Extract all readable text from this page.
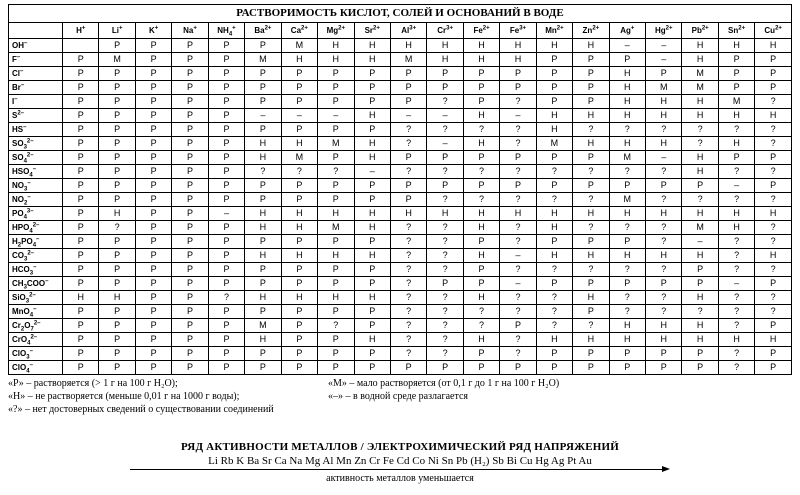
РАСТВОРИМОСТЬ КИСЛОТ, СОЛЕЙ И ОСНОВАНИЙ В ВОДЕ																				
	H+	Li+	K+	Na+	$NH_4^+$	$Ba^{2+}$	$Ca^{2+}$	$Mg^{2+}$	$Sr^{2+}$	$Al^{3+}$	$Cr^{3+}$	$Fe^{2+}$	$Fe^{3+}$	$Mn^{2+}$	$Zn^{2+}$	Ag+	$Hg^{2+}$	$Pb^{2+}$	$Sn^{2+}$	$Cu^{2+}$
OH–		Р	Р	Р	Р	Р	М	Н	Н	Н	Н	Н	Н	Н	Н	–	–	Н	Н	Н
F–	Р	М	Р	Р	Р	М	Н	Н	Н	М	Н	Н	Н	Р	Р	Р	–	Н	Р	Р
Cl–	Р	Р	Р	Р	Р	Р	Р	Р	Р	Р	Р	Р	Р	Р	Р	Н	Р	М	Р	Р
Br–	Р	Р	Р	Р	Р	Р	Р	Р	Р	Р	Р	Р	Р	Р	Р	Н	М	М	Р	Р
I–	Р	Р	Р	Р	Р	Р	Р	Р	Р	Р	?	Р	?	Р	Р	Н	Н	Н	М	?
$S^{2-}$	Р	Р	Р	Р	Р	–	–	–	Н	–	–	Н	–	Н	Н	Н	Н	Н	Н	Н
HS–	Р	Р	Р	Р	Р	Р	Р	Р	Р	?	?	?	?	Н	?	?	?	?	?	?
$SO_3^{2-}$	Р	Р	Р	Р	Р	Н	Н	М	Н	?	–	Н	?	М	Н	Н	Н	?	Н	?
$SO_4^{2-}$	Р	Р	Р	Р	Р	Н	М	Р	Н	Р	Р	Р	Р	Р	Р	М	–	Н	Р	Р
$HSO_4^-$	Р	Р	Р	Р	Р	?	?	?	–	?	?	?	?	?	?	?	?	Н	?	?
$NO_3^-$	Р	Р	Р	Р	Р	Р	Р	Р	Р	Р	Р	Р	Р	Р	Р	Р	Р	Р	–	Р
$NO_2^-$	Р	Р	Р	Р	Р	Р	Р	Р	Р	Р	?	?	?	?	?	М	?	?	?	?
$PO_4^{3-}$	Р	Н	Р	Р	–	Н	Н	Н	Н	Н	Н	Н	Н	Н	Н	Н	Н	Н	Н	Н
$HPO_4^{2-}$	Р	?	Р	Р	Р	Н	Н	М	Н	?	?	Н	?	Н	?	?	?	М	Н	?
$H_2PO_4^-$	Р	Р	Р	Р	Р	Р	Р	Р	Р	?	?	Р	?	Р	Р	Р	?	–	?	?
$CO_3^{2-}$	Р	Р	Р	Р	Р	Н	Н	Н	Н	?	?	Н	–	Н	Н	Н	Н	Н	?	Н
$HCO_3^-$	Р	Р	Р	Р	Р	Р	Р	Р	Р	?	?	Р	?	?	?	?	?	Р	?	?
$CH_3COO^-$	Р	Р	Р	Р	Р	Р	Р	Р	Р	?	Р	Р	–	Р	Р	Р	Р	Р	–	Р
SiO$_3^{2-}$	Н	Н	Р	Р	?	Н	Н	Н	Н	?	?	Н	?	?	Н	?	?	Н	?	?
MnO$_4$–	Р	Р	Р	Р	Р	Р	Р	Р	Р	?	?	?	?	?	Р	?	?	?	?	?
$Cr_2O_7^{2-}$	Р	Р	Р	Р	Р	М	Р	?	Р	?	?	?	Р	?	?	Н	Н	Н	?	Р
CrO$_4^{2-}$	Р	Р	Р	Р	Р	Н	Р	Р	Н	?	?	Н	?	Н	Н	Н	Н	Н	Н	Н
ClO$_3$–	Р	Р	Р	Р	Р	Р	Р	Р	Р	?	?	Р	?	Р	Р	Р	Р	Р	?	Р
ClO$_4$–	Р	Р	Р	Р	Р	Р	Р	Р	Р	Р	Р	Р	Р	Р	Р	Р	Р	Р	?	Р
«Р» – растворяется (> 1 г на 100 г H₂O);	«М» – мало растворяется (от 0,1 г до 1 г на 100 г H₂O)
«Н» – не растворяется (меньше 0,01 г на 1000 г воды);	«–» – в водной среде разлагается
«?» – нет достоверных сведений о существовании соединений
РЯД АКТИВНОСТИ МЕТАЛЛОВ / ЭЛЕКТРОХИМИЧЕСКИЙ РЯД НАПРЯЖЕНИЙ
Li Rb K Ba Sr Ca Na Mg Al Mn Zn Cr Fe Cd Co Ni Sn Pb (H₂) Sb Bi Cu Hg Ag Pt Au
активность металлов уменьшается
